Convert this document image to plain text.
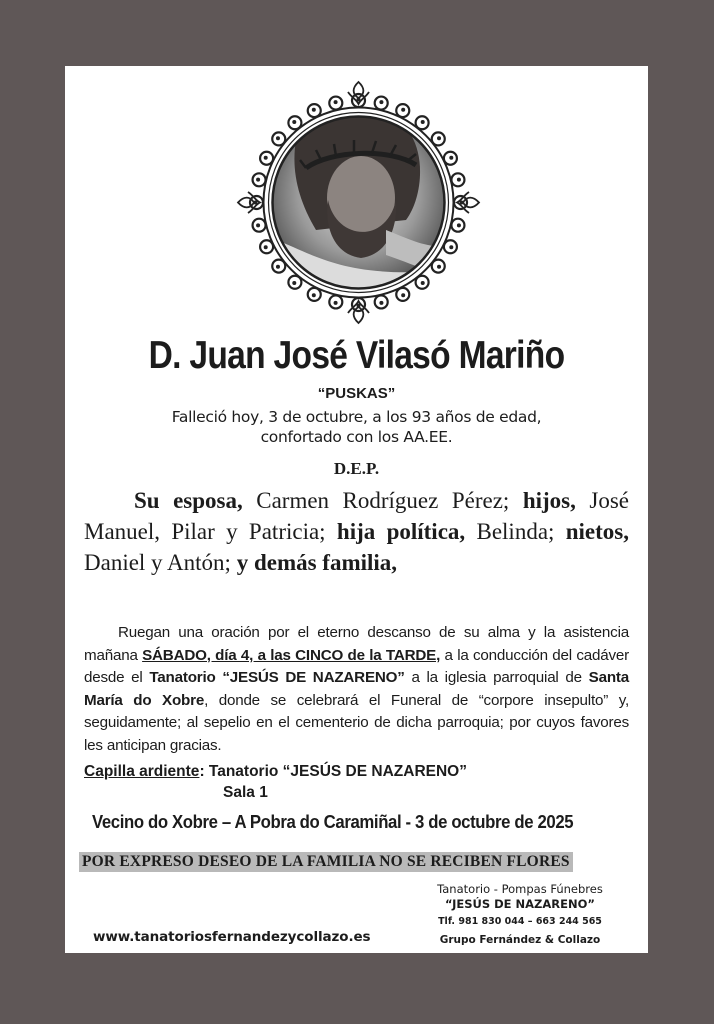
D. Juan José Vilasó Mariño
“PUSKAS”
Falleció hoy, 3 de octubre, a los 93 años de edad,
confortado con los AA.EE.
D.E.P.

Su esposa, Carmen Rodríguez Pérez; hijos, José Manuel, Pilar y Patricia; hija política, Belinda; nietos, Daniel y Antón; y demás familia,

Ruegan una oración por el eterno descanso de su alma y la asistencia mañana SÁBADO, día 4, a las CINCO de la TARDE, a la conducción del cadáver desde el Tanatorio “JESÚS DE NAZARENO” a la iglesia parroquial de Santa María do Xobre, donde se celebrará el Funeral de “corpore insepulto” y, seguidamente; al sepelio en el cementerio de dicha parroquia; por cuyos favores les anticipan gracias.

Capilla ardiente: Tanatorio “JESÚS DE NAZARENO”
Sala 1
Vecino do Xobre – A Pobra do Caramiñal - 3 de octubre de 2025
POR EXPRESO DESEO DE LA FAMILIA NO SE RECIBEN FLORES
Tanatorio - Pompas Fúnebres
“JESÚS DE NAZARENO”
Tlf. 981 830 044 – 663 244 565
Grupo Fernández & Collazo
www.tanatoriosfernandezycollazo.es
